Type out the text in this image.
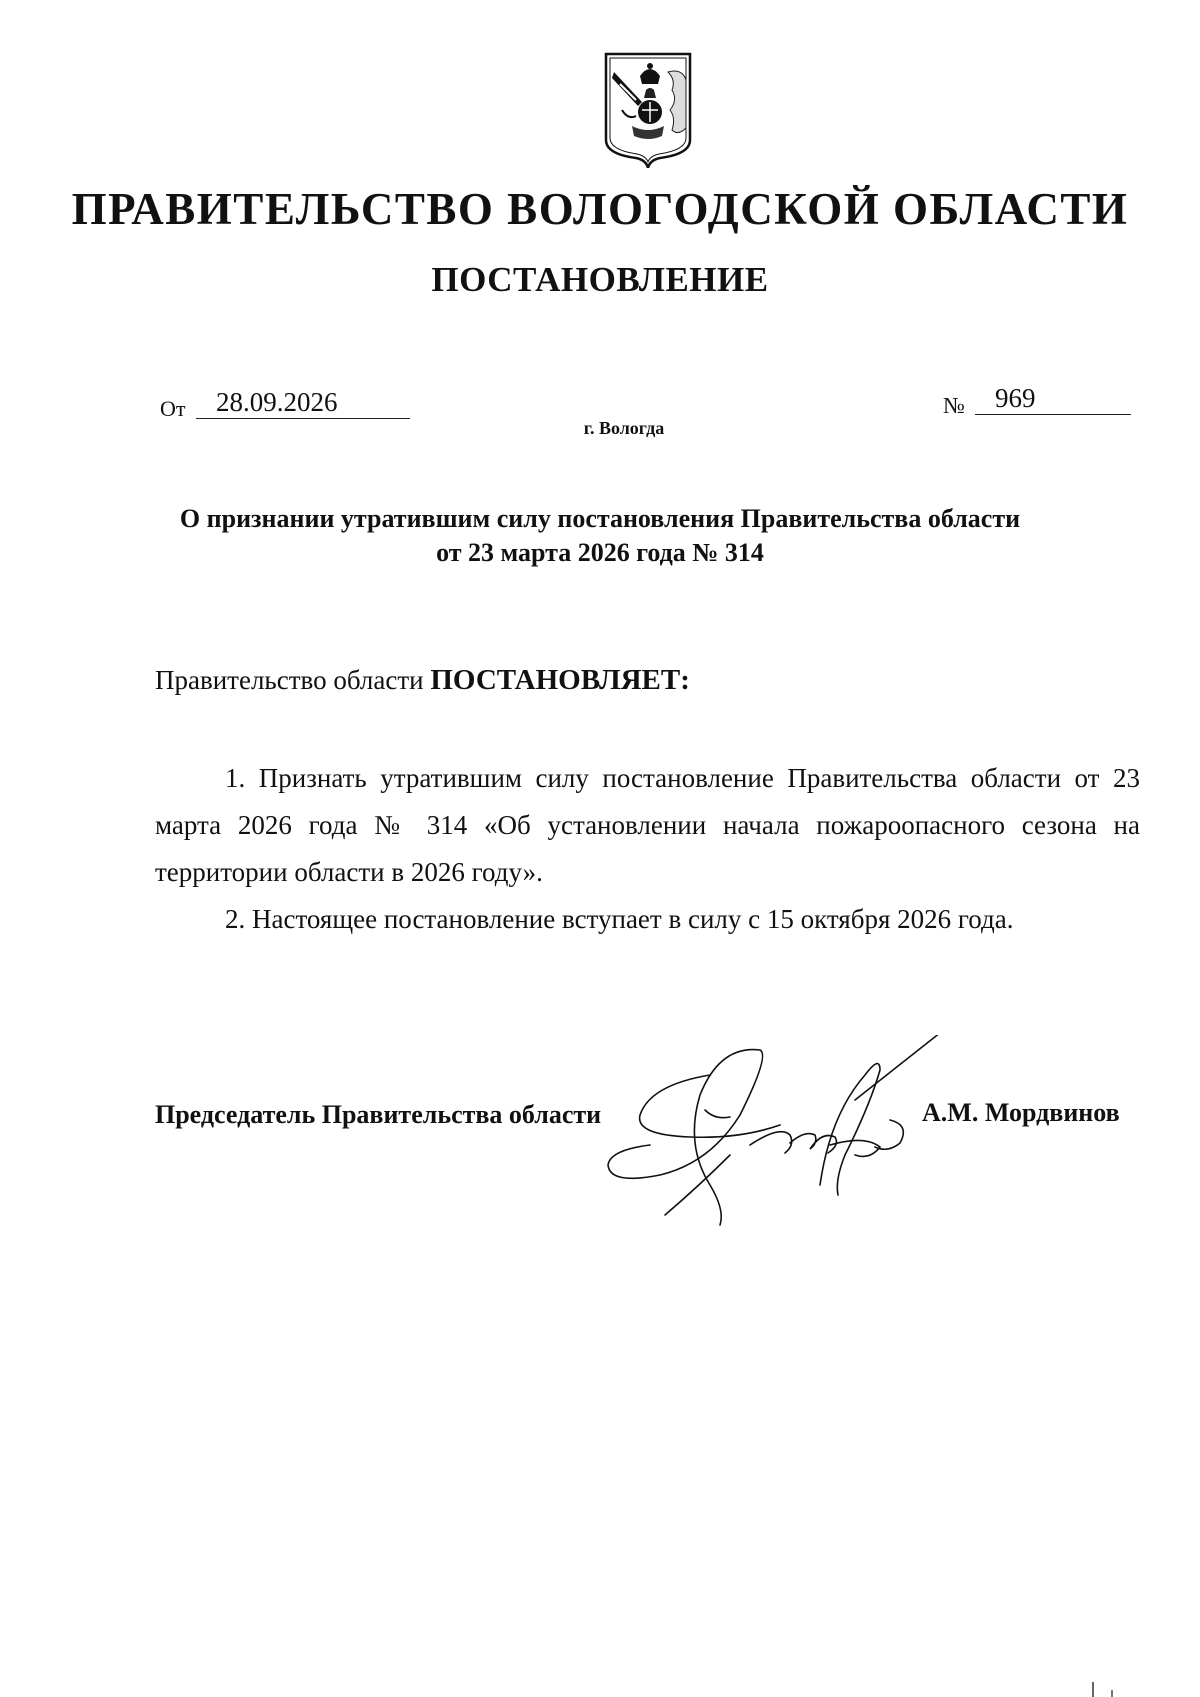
ПРАВИТЕЛЬСТВО ВОЛОГОДСКОЙ ОБЛАСТИ
ПОСТАНОВЛЕНИЕ
От	28.09.2026	№	969
г. Вологда
О признании утратившим силу постановления Правительства области
от 23 марта 2026 года № 314
Правительство области ПОСТАНОВЛЯЕТ:

1. Признать утратившим силу постановление Правительства области от 23 марта 2026 года № 314 «Об установлении начала пожароопасного сезона на территории области в 2026 году».

2. Настоящее постановление вступает в силу с 15 октября 2026 года.

Председатель Правительства области	А.М. Мордвинов
